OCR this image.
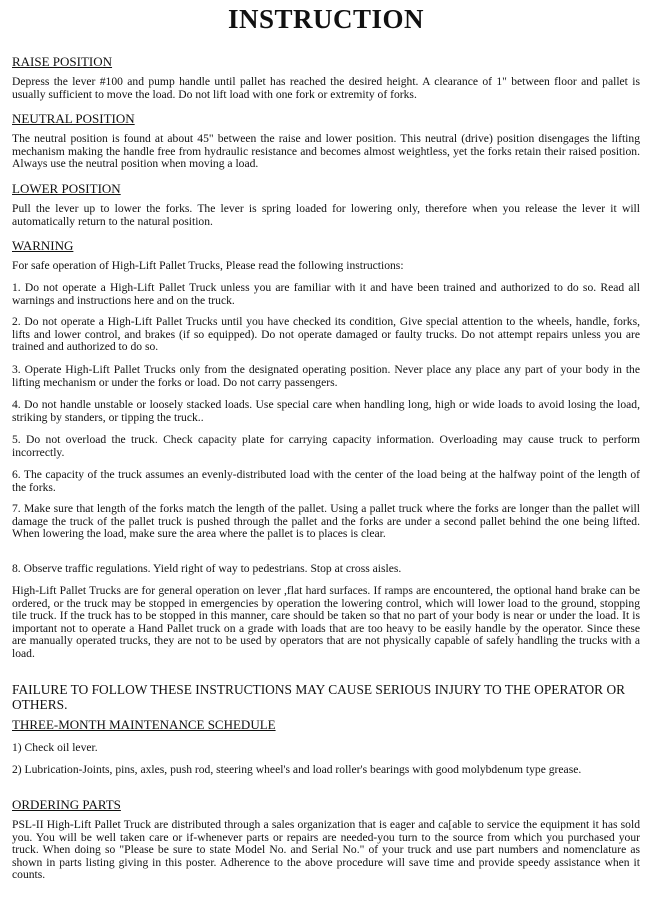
INSTRUCTION
RAISE POSITION

Depress the lever #100 and pump handle until pallet has reached the desired height. A clearance of 1" between floor and pallet is usually sufficient to move the load. Do not lift load with one fork or extremity of forks.

NEUTRAL POSITION

The neutral position is found at about 45" between the raise and lower position. This neutral (drive) position disengages the lifting mechanism making the handle free from hydraulic resistance and becomes almost weightless, yet the forks retain their raised position. Always use the neutral position when moving a load.

LOWER POSITION

Pull the lever up to lower the forks. The lever is spring loaded for lowering only, therefore when you release the lever it will automatically return to the natural position.

WARNING

For safe operation of High-Lift Pallet Trucks, Please read the following instructions:

1. Do not operate a High-Lift Pallet Truck unless you are familiar with it and have been trained and authorized to do so. Read all warnings and instructions here and on the truck.

2. Do not operate a High-Lift Pallet Trucks until you have checked its condition, Give special attention to the wheels, handle, forks, lifts and lower control, and brakes (if so equipped). Do not operate damaged or faulty trucks. Do not attempt repairs unless you are trained and authorized to do so.

3. Operate High-Lift Pallet Trucks only from the designated operating position. Never place any place any part of your body in the lifting mechanism or under the forks or load. Do not carry passengers.

4. Do not handle unstable or loosely stacked loads. Use special care when handling long, high or wide loads to avoid losing the load, striking by standers, or tipping the truck..

5. Do not overload the truck. Check capacity plate for carrying capacity information. Overloading may cause truck to perform incorrectly.

6. The capacity of the truck assumes an evenly-distributed load with the center of the load being at the halfway point of the length of the forks.

7. Make sure that length of the forks match the length of the pallet. Using a pallet truck where the forks are longer than the pallet will damage the truck of the pallet truck is pushed through the pallet and the forks are under a second pallet behind the one being lifted. When lowering the load, make sure the area where the pallet is to places is clear.

8. Observe traffic regulations. Yield right of way to pedestrians. Stop at cross aisles.

High-Lift Pallet Trucks are for general operation on lever ,flat hard surfaces. If ramps are encountered, the optional hand brake can be ordered, or the truck may be stopped in emergencies by operation the lowering control, which will lower load to the ground, stopping tile truck. If the truck has to be stopped in this manner, care should be taken so that no part of your body is near or under the load. It is important not to operate a Hand Pallet truck on a grade with loads that are too heavy to be easily handle by the operator. Since these are manually operated trucks, they are not to be used by operators that are not physically capable of safely handling the trucks with a load.

FAILURE TO FOLLOW THESE INSTRUCTIONS MAY CAUSE SERIOUS INJURY TO THE OPERATOR OR OTHERS.

THREE-MONTH MAINTENANCE SCHEDULE

1) Check oil lever.

2) Lubrication-Joints, pins, axles, push rod, steering wheel's and load roller's bearings with good molybdenum type grease.

ORDERING PARTS

PSL-II High-Lift Pallet Truck are distributed through a sales organization that is eager and ca[able to service the equipment it has sold you. You will be well taken care or if-whenever parts or repairs are needed-you turn to the source from which you purchased your truck. When doing so "Please be sure to state Model No. and Serial No." of your truck and use part numbers and nomenclature as shown in parts listing giving in this poster. Adherence to the above procedure will save time and provide speedy assistance when it counts.
